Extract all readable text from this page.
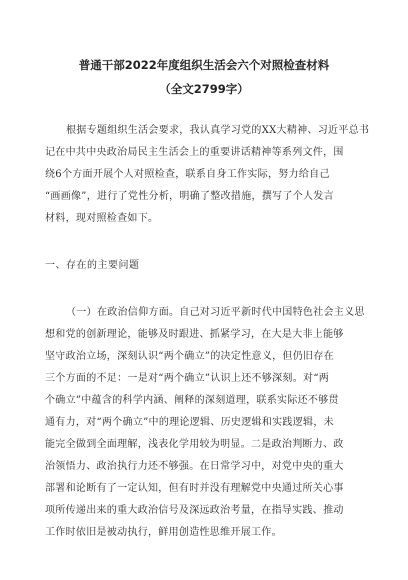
普通干部2022年度组织生活会六个对照检查材料
（全文2799字）
根据专题组织生活会要求，我认真学习党的XX大精神、习近平总书
记在中共中央政治局民主生活会上的重要讲话精神等系列文件，围
绕6个方面开展个人对照检查，联系自身工作实际，努力给自己
“画画像”，进行了党性分析，明确了整改措施，撰写了个人发言
材料，现对照检查如下。
一、存在的主要问题
（一）在政治信仰方面。自己对习近平新时代中国特色社会主义思
想和党的创新理论，能够及时跟进、抓紧学习，在大是大非上能够
坚守政治立场，深刻认识“两个确立”的决定性意义，但仍旧存在
三个方面的不足：一是对“两个确立”认识上还不够深刻。对“两
个确立”中蕴含的科学内涵、阐释的深刻道理，联系实际还不够贯
通有力，对“两个确立”中的理论逻辑、历史逻辑和实践逻辑，未
能完全做到全面理解，浅表化学用较为明显。二是政治判断力、政
治领悟力、政治执行力还不够强。在日常学习中，对党中央的重大
部署和论断有了一定认知，但有时并没有理解党中央通过所关心事
项所传递出来的重大政治信号及深远政治考量，在指导实践、推动
工作时依旧是被动执行，鲜用创造性思维开展工作。
